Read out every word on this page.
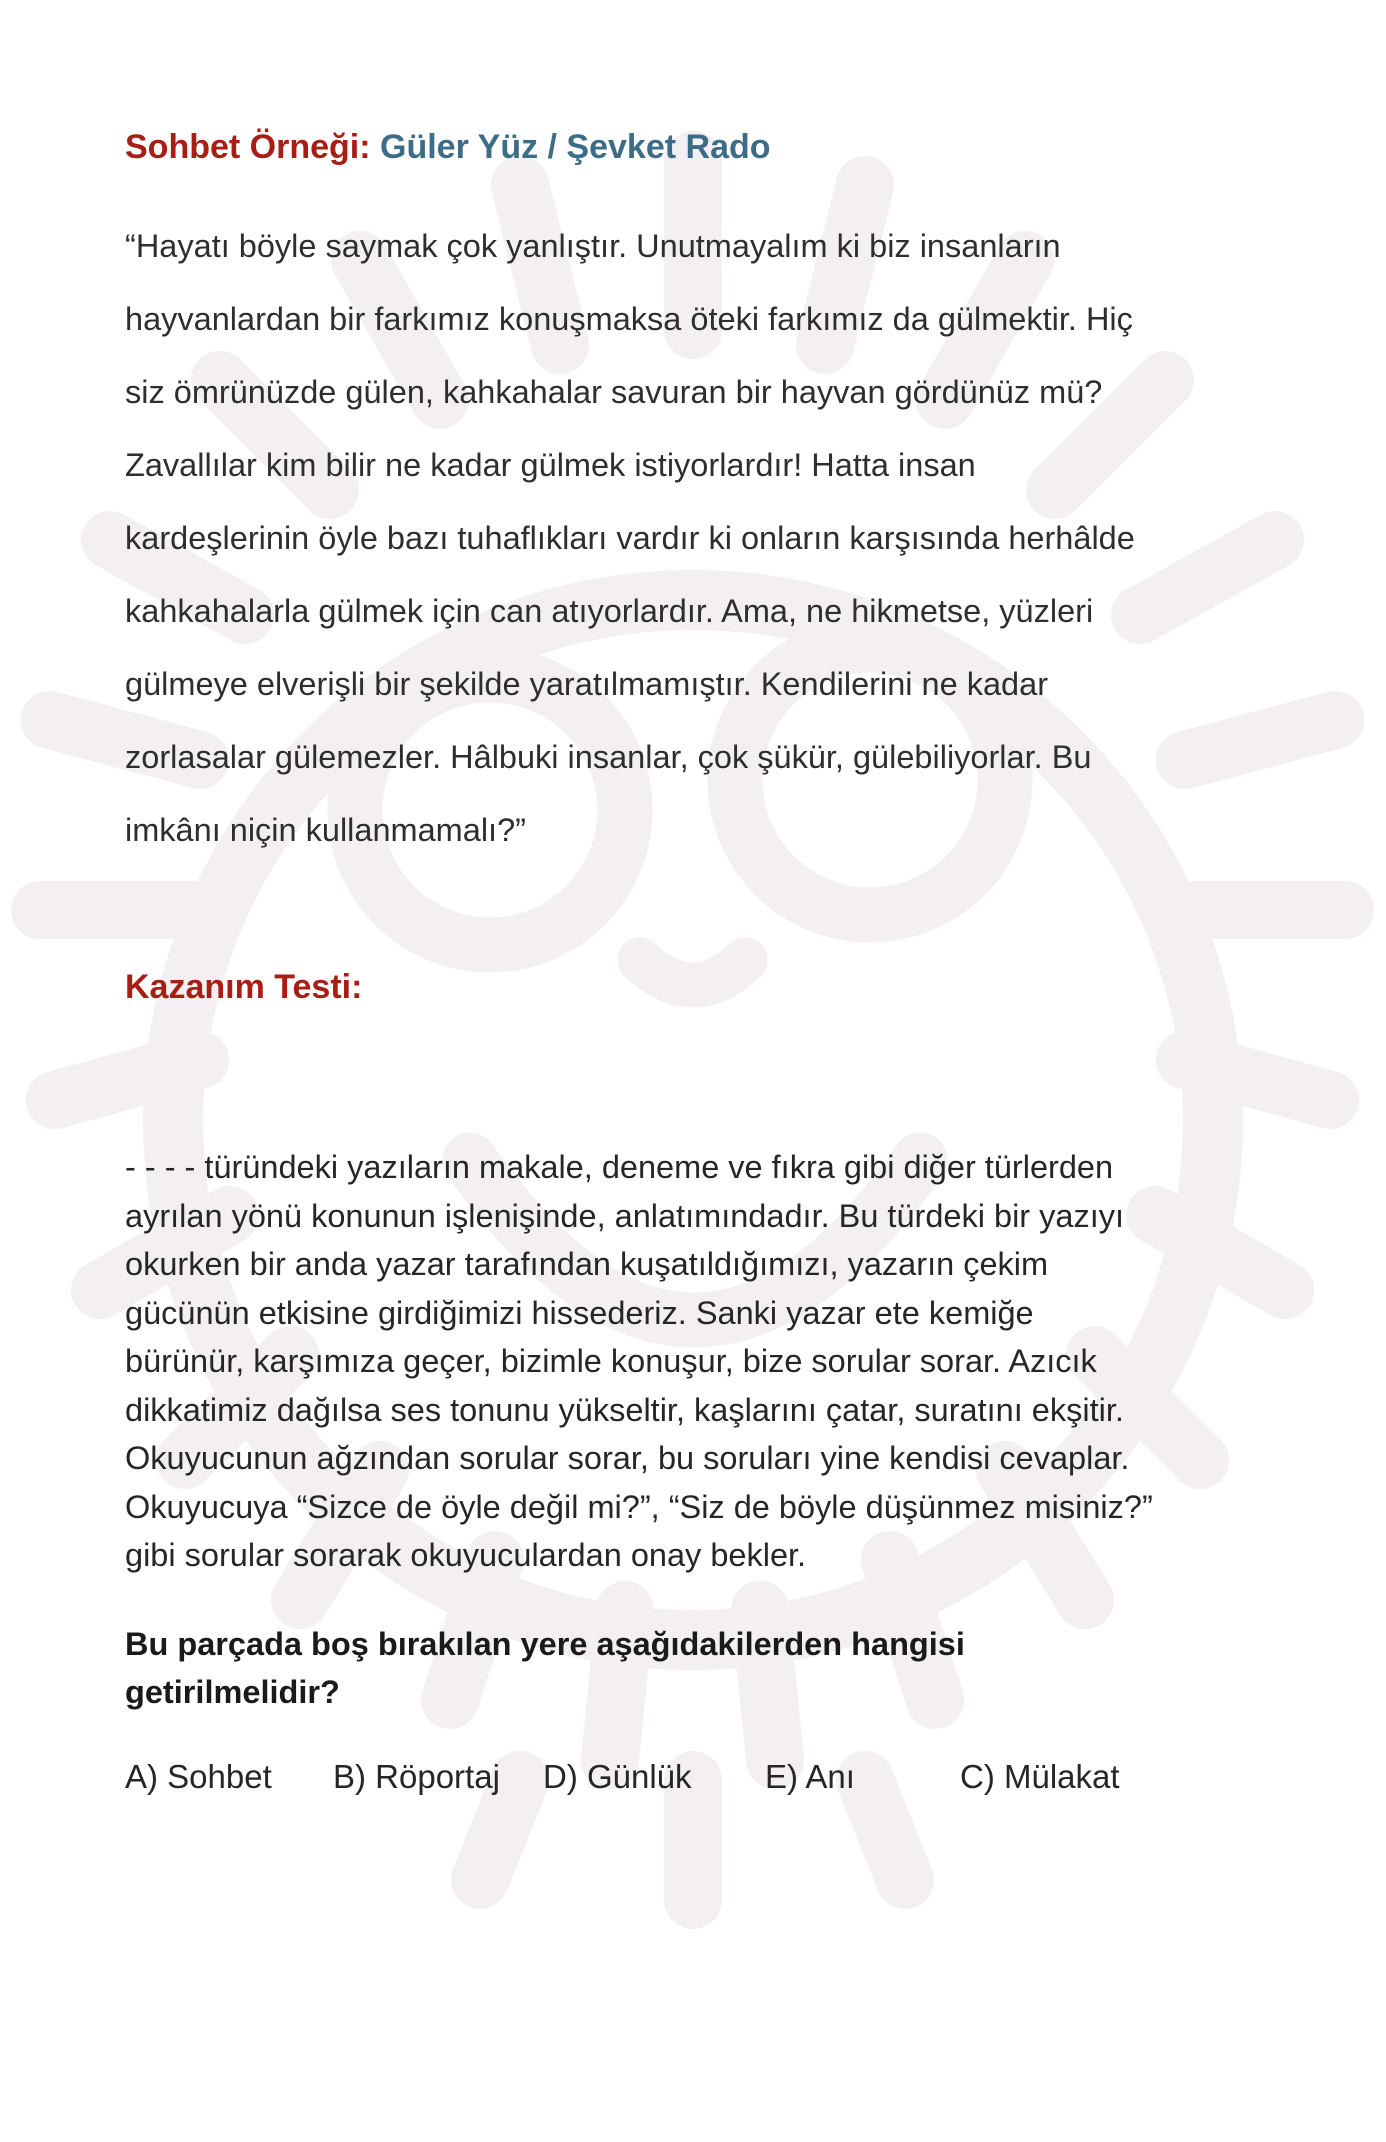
Sohbet Örneği: Güler Yüz / Şevket Rado
“Hayatı böyle saymak çok yanlıştır. Unutmayalım ki biz insanların
hayvanlardan bir farkımız konuşmaksa öteki farkımız da gülmektir. Hiç
siz ömrünüzde gülen, kahkahalar savuran bir hayvan gördünüz mü?
Zavallılar kim bilir ne kadar gülmek istiyorlardır! Hatta insan
kardeşlerinin öyle bazı tuhaflıkları vardır ki onların karşısında herhâlde
kahkahalarla gülmek için can atıyorlardır. Ama, ne hikmetse, yüzleri
gülmeye elverişli bir şekilde yaratılmamıştır. Kendilerini ne kadar
zorlasalar gülemezler. Hâlbuki insanlar, çok şükür, gülebiliyorlar. Bu
imkânı niçin kullanmamalı?”
Kazanım Testi:
- - - - türündeki yazıların makale, deneme ve fıkra gibi diğer türlerden
ayrılan yönü konunun işlenişinde, anlatımındadır. Bu türdeki bir yazıyı
okurken bir anda yazar tarafından kuşatıldığımızı, yazarın çekim
gücünün etkisine girdiğimizi hissederiz. Sanki yazar ete kemiğe
bürünür, karşımıza geçer, bizimle konuşur, bize sorular sorar. Azıcık
dikkatimiz dağılsa ses tonunu yükseltir, kaşlarını çatar, suratını ekşitir.
Okuyucunun ağzından sorular sorar, bu soruları yine kendisi cevaplar.
Okuyucuya “Sizce de öyle değil mi?”, “Siz de böyle düşünmez misiniz?”
gibi sorular sorarak okuyuculardan onay bekler.
Bu parçada boş bırakılan yere aşağıdakilerden hangisi
getirilmelidir?
A) Sohbet B) Röportaj D) Günlük E) Anı	C) Mülakat
